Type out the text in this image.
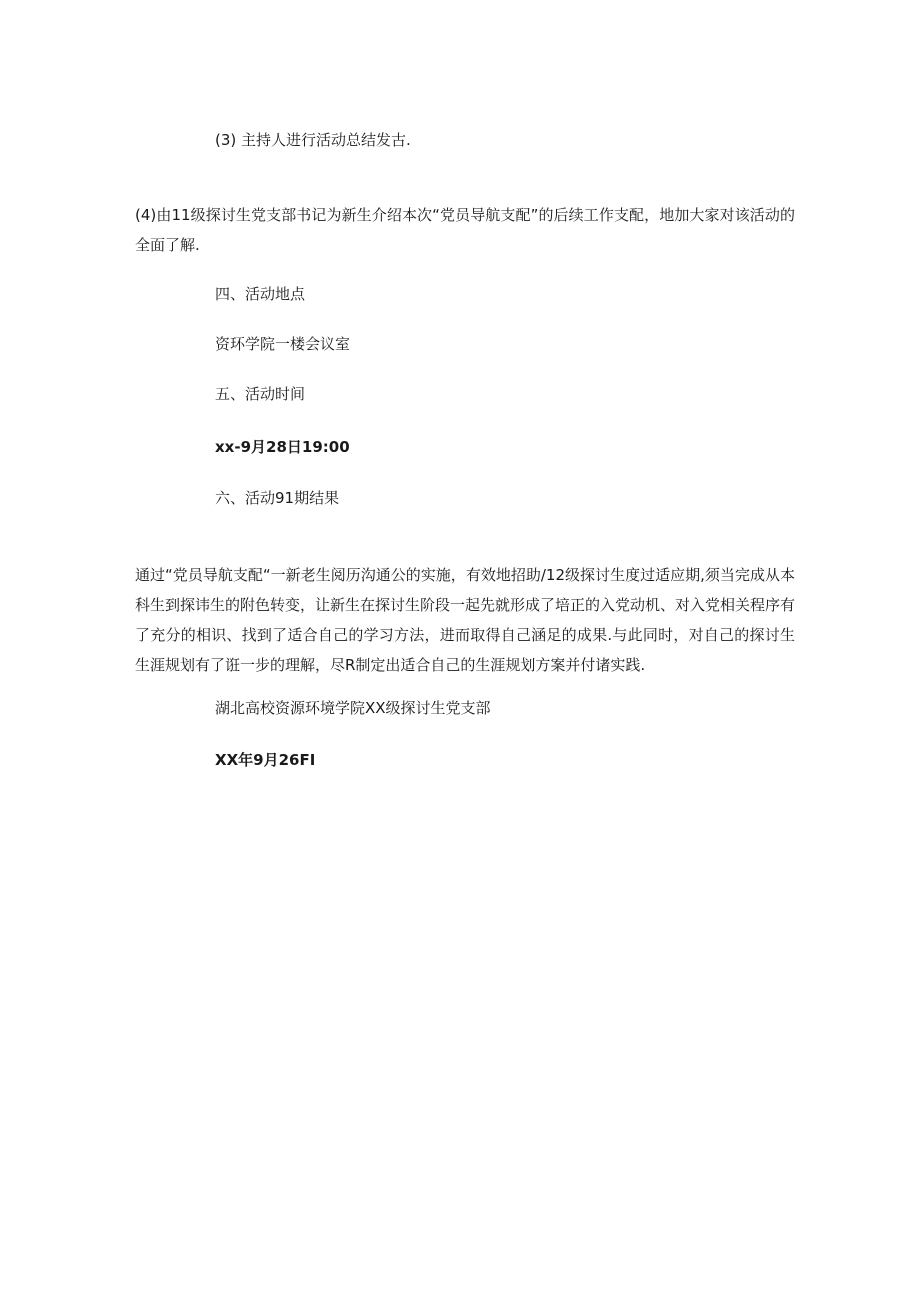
(3) 主持人进行活动总结发古.
(4)由11级探讨生党支部书记为新生介绍本次“党员导航支配”的后续工作支配，地加大家对该活动的全面了解.
四、活动地点
资环学院一楼会议室
五、活动时间
xx-9月28日19:00
六、活动91期结果
通过“党员导航支配“一新老生阅历沟通公的实施，有效地招助/12级探讨生度过适应期,须当完成从本科生到探讳生的附色转变，让新生在探讨生阶段一起先就形成了培正的入党动机、对入党相关程序有了充分的相识、找到了适合自己的学习方法，进而取得自己涵足的成果.与此同时，对自己的探讨生生涯规划有了诳一步的理解，尽R制定出适合自己的生涯规划方案并付诸实践.
湖北高校资源环境学院XX级探讨生党支部
XX年9月26FI
